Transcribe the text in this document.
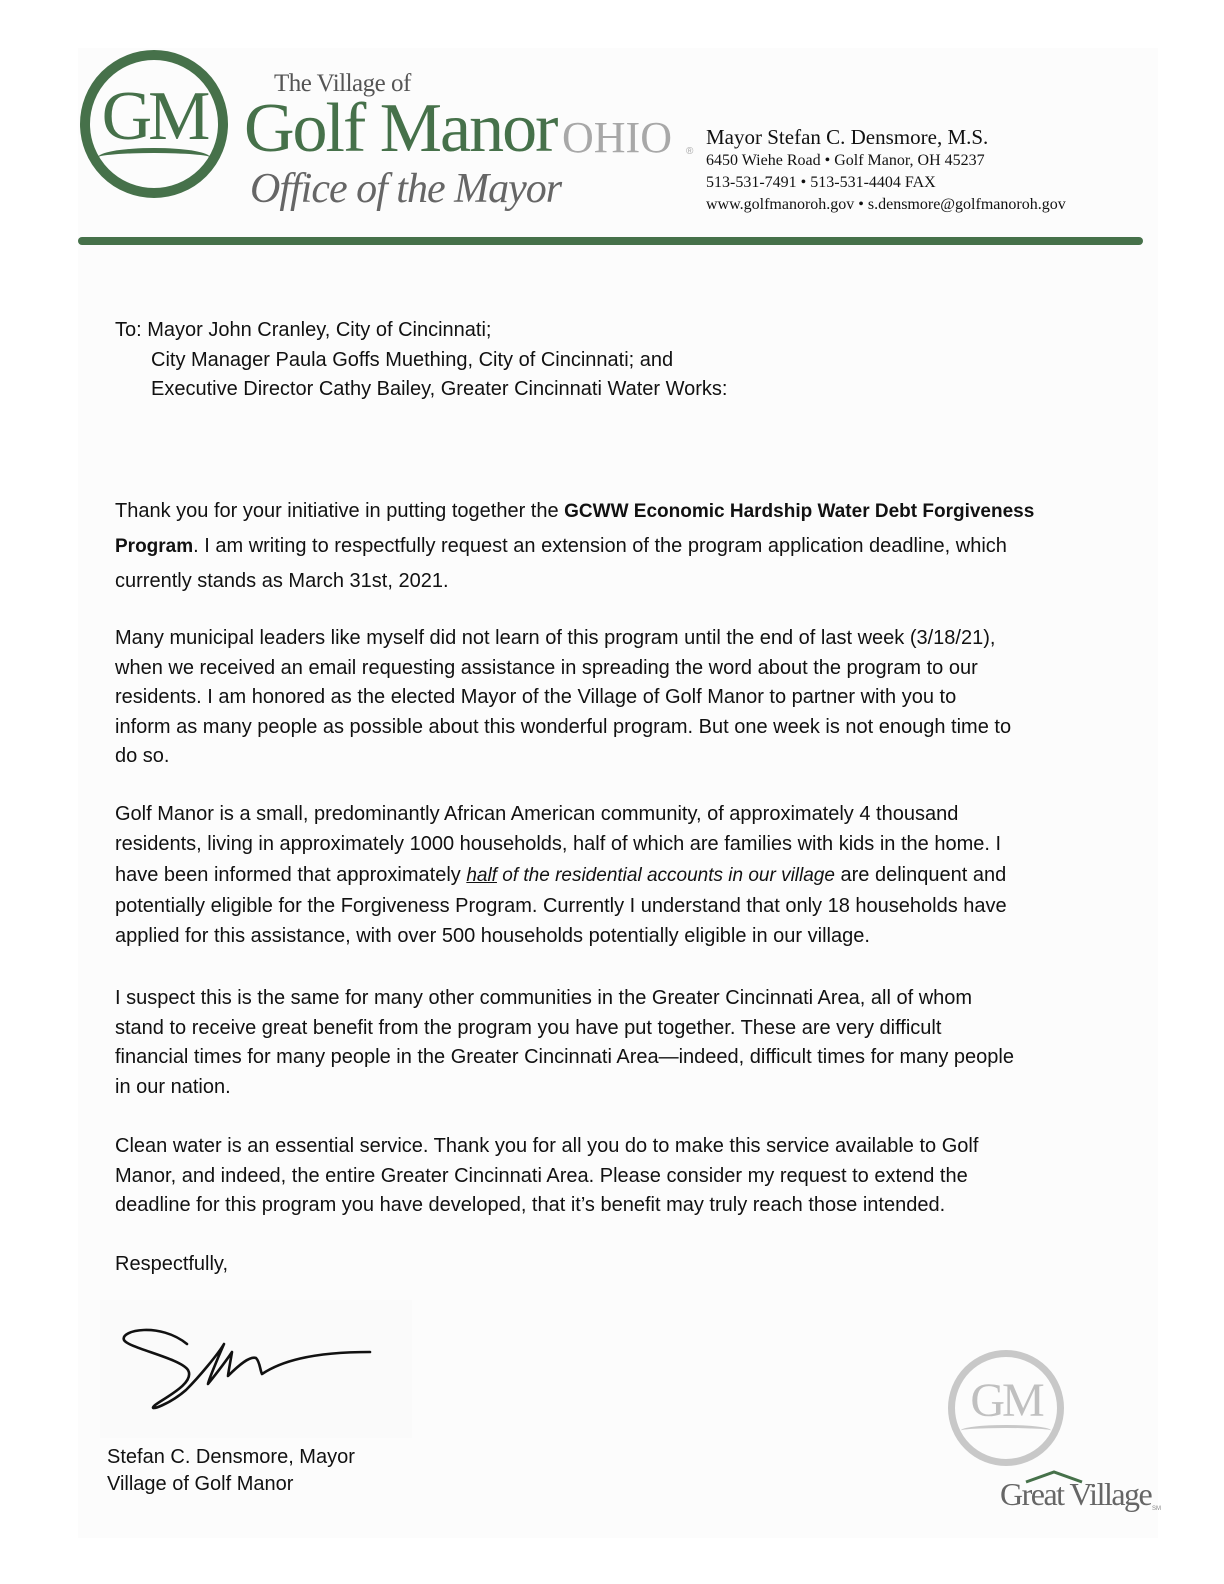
GM	The Village of
Golf Manor OHIO ®
Office of the Mayor
Mayor Stefan C. Densmore, M.S.
6450 Wiehe Road • Golf Manor, OH 45237
513-531-7491 • 513-531-4404 FAX
www.golfmanoroh.gov • s.densmore@golfmanoroh.gov
To: Mayor John Cranley, City of Cincinnati;
City Manager Paula Goffs Muething, City of Cincinnati; and
Executive Director Cathy Bailey, Greater Cincinnati Water Works:
Thank you for your initiative in putting together the GCWW Economic Hardship Water Debt Forgiveness
Program. I am writing to respectfully request an extension of the program application deadline, which
currently stands as March 31st, 2021.
Many municipal leaders like myself did not learn of this program until the end of last week (3/18/21),
when we received an email requesting assistance in spreading the word about the program to our
residents. I am honored as the elected Mayor of the Village of Golf Manor to partner with you to
inform as many people as possible about this wonderful program. But one week is not enough time to
do so.
Golf Manor is a small, predominantly African American community, of approximately 4 thousand
residents, living in approximately 1000 households, half of which are families with kids in the home. I
have been informed that approximately half of the residential accounts in our village are delinquent and
potentially eligible for the Forgiveness Program. Currently I understand that only 18 households have
applied for this assistance, with over 500 households potentially eligible in our village.
I suspect this is the same for many other communities in the Greater Cincinnati Area, all of whom
stand to receive great benefit from the program you have put together. These are very difficult
financial times for many people in the Greater Cincinnati Area—indeed, difficult times for many people
in our nation.
Clean water is an essential service. Thank you for all you do to make this service available to Golf
Manor, and indeed, the entire Greater Cincinnati Area. Please consider my request to extend the
deadline for this program you have developed, that it’s benefit may truly reach those intended.
Respectfully,
Stefan C. Densmore, Mayor
Village of Golf Manor
GM
Great Village SM
